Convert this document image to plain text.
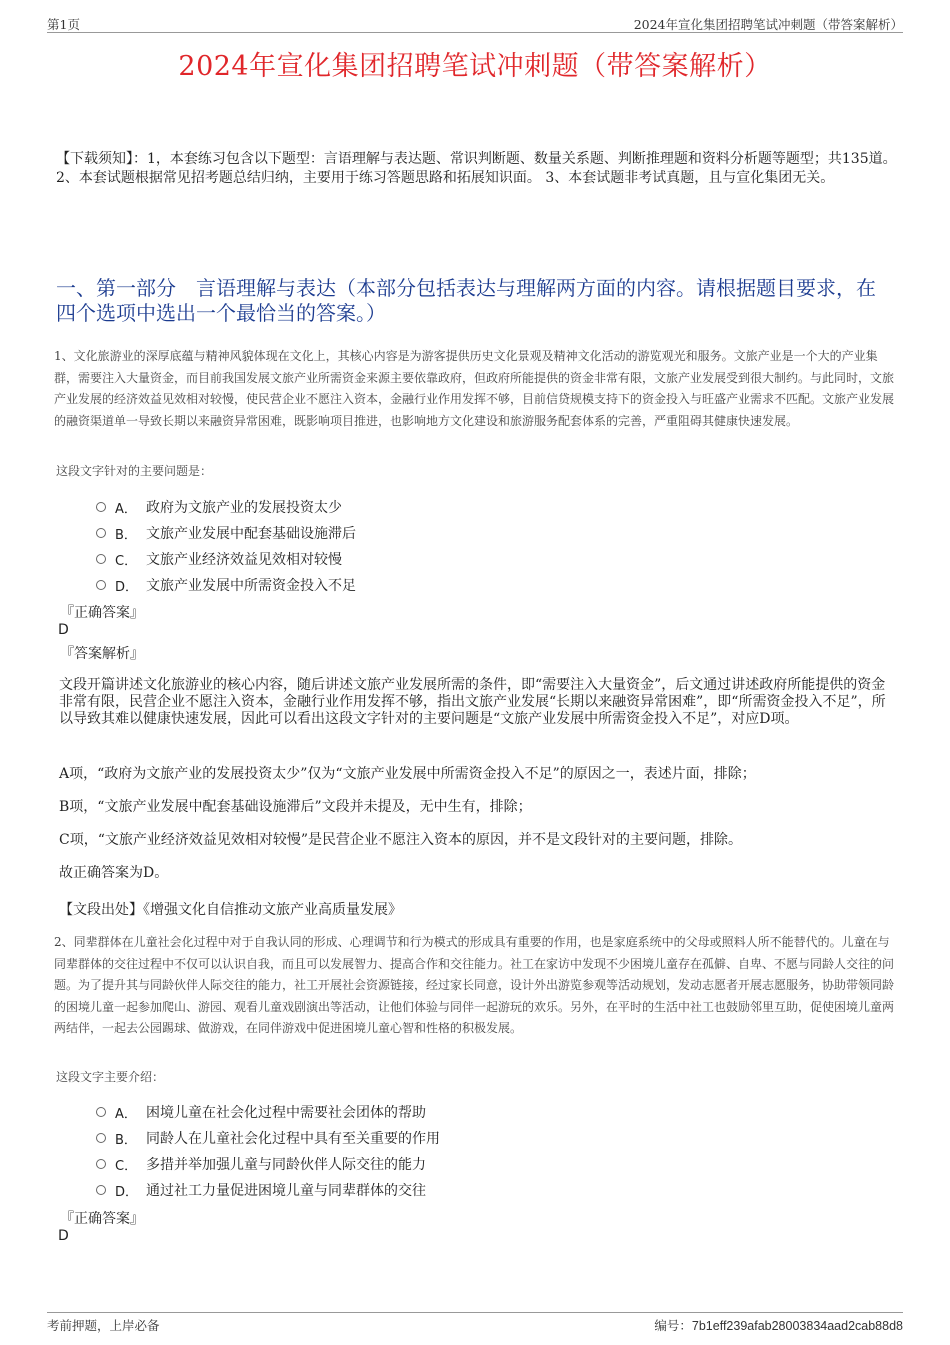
第1页	2024年宣化集团招聘笔试冲刺题（带答案解析）
2024年宣化集团招聘笔试冲刺题（带答案解析）
【下载须知】：1，本套练习包含以下题型：言语理解与表达题、常识判断题、数量关系题、判断推理题和资料分析题等题型；共135道。 2、本套试题根据常见招考题总结归纳，主要用于练习答题思路和拓展知识面。 3、本套试题非考试真题，且与宣化集团无关。
一、第一部分　言语理解与表达（本部分包括表达与理解两方面的内容。请根据题目要求，在四个选项中选出一个最恰当的答案。）
1、文化旅游业的深厚底蕴与精神风貌体现在文化上，其核心内容是为游客提供历史文化景观及精神文化活动的游览观光和服务。文旅产业是一个大的产业集群，需要注入大量资金，而目前我国发展文旅产业所需资金来源主要依靠政府，但政府所能提供的资金非常有限，文旅产业发展受到很大制约。与此同时，文旅产业发展的经济效益见效相对较慢，使民营企业不愿注入资本，金融行业作用发挥不够，目前信贷规模支持下的资金投入与旺盛产业需求不匹配。文旅产业发展的融资渠道单一导致长期以来融资异常困难，既影响项目推进，也影响地方文化建设和旅游服务配套体系的完善，严重阻碍其健康快速发展。
这段文字针对的主要问题是：
A． 政府为文旅产业的发展投资太少
B． 文旅产业发展中配套基础设施滞后
C． 文旅产业经济效益见效相对较慢
D． 文旅产业发展中所需资金投入不足
『正确答案』
D
『答案解析』
文段开篇讲述文化旅游业的核心内容，随后讲述文旅产业发展所需的条件，即“需要注入大量资金”，后文通过讲述政府所能提供的资金非常有限，民营企业不愿注入资本，金融行业作用发挥不够，指出文旅产业发展“长期以来融资异常困难”，即“所需资金投入不足”，所以导致其难以健康快速发展，因此可以看出这段文字针对的主要问题是“文旅产业发展中所需资金投入不足”，对应D项。
A项，“政府为文旅产业的发展投资太少”仅为“文旅产业发展中所需资金投入不足”的原因之一，表述片面，排除；
B项，“文旅产业发展中配套基础设施滞后”文段并未提及，无中生有，排除；
C项，“文旅产业经济效益见效相对较慢”是民营企业不愿注入资本的原因，并不是文段针对的主要问题，排除。
故正确答案为D。
【文段出处】《增强文化自信推动文旅产业高质量发展》
2、同辈群体在儿童社会化过程中对于自我认同的形成、心理调节和行为模式的形成具有重要的作用，也是家庭系统中的父母或照料人所不能替代的。儿童在与同辈群体的交往过程中不仅可以认识自我，而且可以发展智力、提高合作和交往能力。社工在家访中发现不少困境儿童存在孤僻、自卑、不愿与同龄人交往的问题。为了提升其与同龄伙伴人际交往的能力，社工开展社会资源链接，经过家长同意，设计外出游览参观等活动规划，发动志愿者开展志愿服务，协助带领同龄的困境儿童一起参加爬山、游园、观看儿童戏剧演出等活动，让他们体验与同伴一起游玩的欢乐。另外，在平时的生活中社工也鼓励邻里互助，促使困境儿童两两结伴，一起去公园踢球、做游戏，在同伴游戏中促进困境儿童心智和性格的积极发展。
这段文字主要介绍：
A． 困境儿童在社会化过程中需要社会团体的帮助
B． 同龄人在儿童社会化过程中具有至关重要的作用
C． 多措并举加强儿童与同龄伙伴人际交往的能力
D． 通过社工力量促进困境儿童与同辈群体的交往
『正确答案』
D
考前押题，上岸必备	编号：7b1eff239afab28003834aad2cab88d8
